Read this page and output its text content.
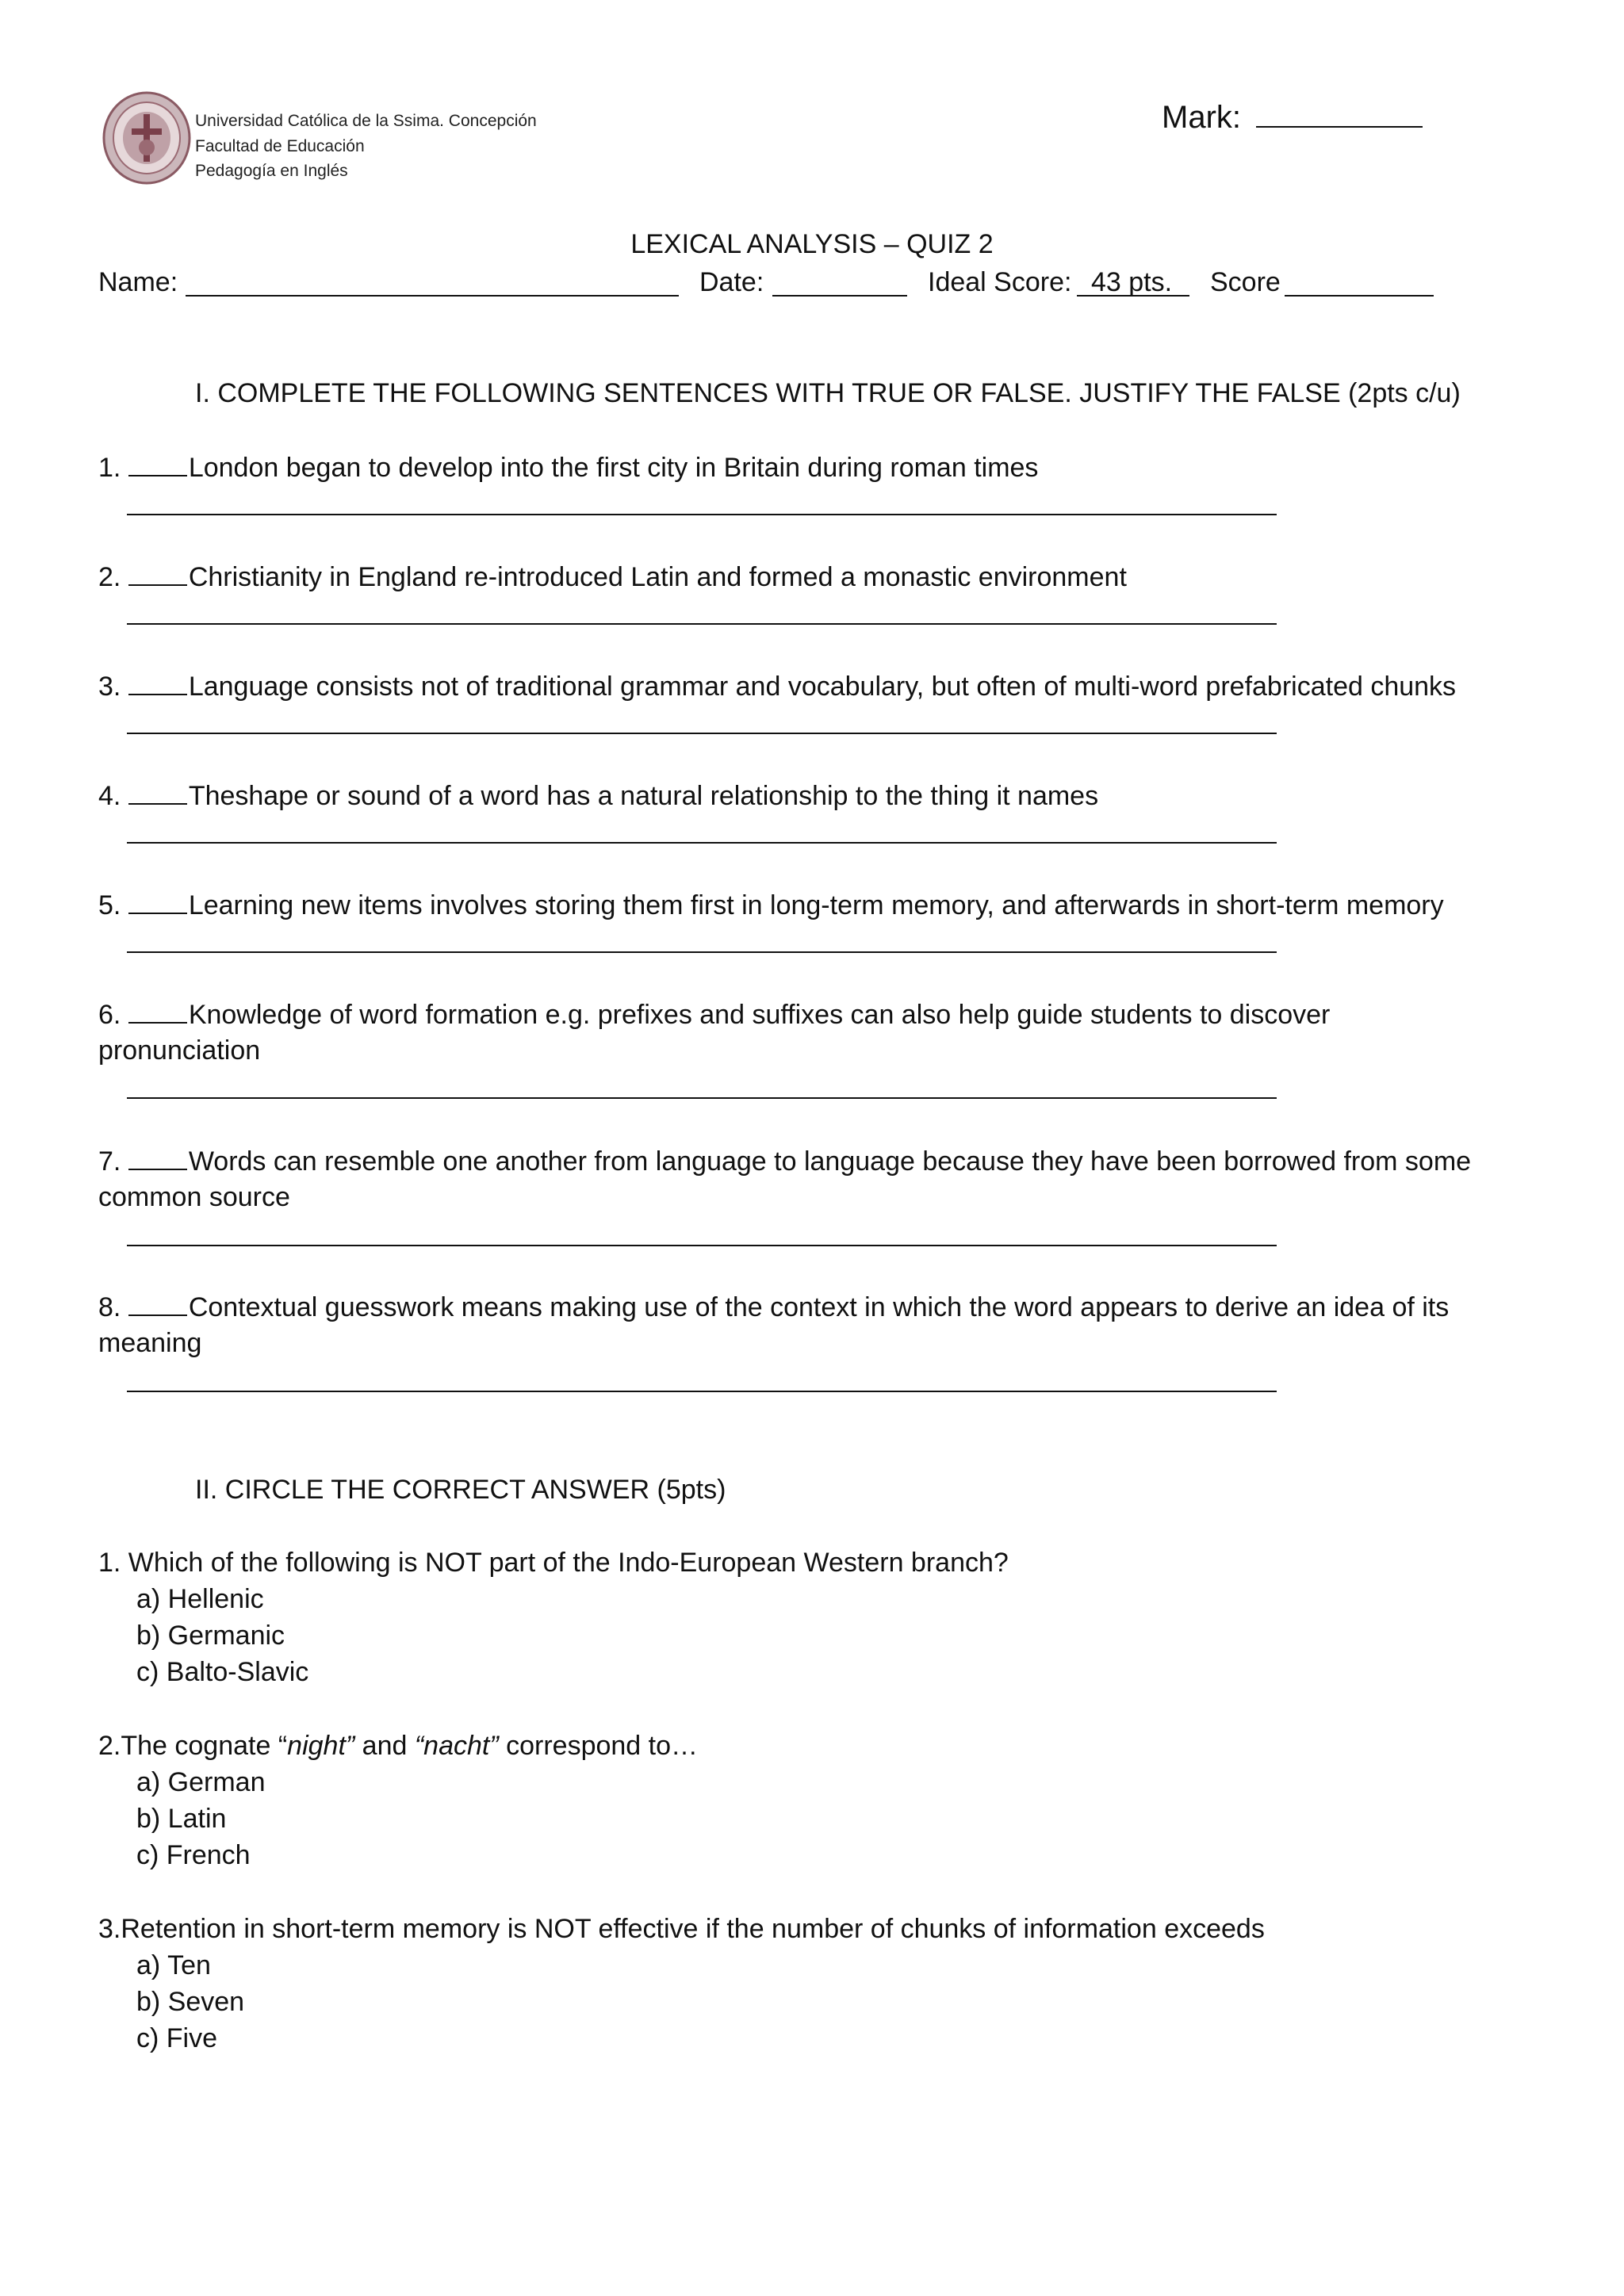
Universidad Católica de la Ssima. Concepción
Facultad de Educación
Pedagogía en Inglés
Mark:
LEXICAL ANALYSIS – QUIZ 2
Name:	Date:	Ideal Score: 43 pts. Score
I. COMPLETE THE FOLLOWING SENTENCES WITH TRUE OR FALSE. JUSTIFY THE FALSE (2pts c/u)
1.	London began to develop into the first city in Britain during roman times
2.	Christianity in England re-introduced Latin and formed a monastic environment
3.	Language consists not of traditional grammar and vocabulary, but often of multi-word prefabricated chunks
4.	Theshape or sound of a word has a natural relationship to the thing it names
5.	Learning new items involves storing them first in long-term memory, and afterwards in short-term memory
6.	Knowledge of word formation e.g. prefixes and suffixes can also help guide students to discover
pronunciation
7.	Words can resemble one another from language to language because they have been borrowed from some
common source
8.	Contextual guesswork means making use of the context in which the word appears to derive an idea of its
meaning
II. CIRCLE THE CORRECT ANSWER (5pts)
1. Which of the following is NOT part of the Indo-European Western branch?
a) Hellenic
b) Germanic
c) Balto-Slavic
2.The cognate “night” and “nacht” correspond to…
a) German
b) Latin
c) French
3.Retention in short-term memory is NOT effective if the number of chunks of information exceeds
a) Ten
b) Seven
c) Five
